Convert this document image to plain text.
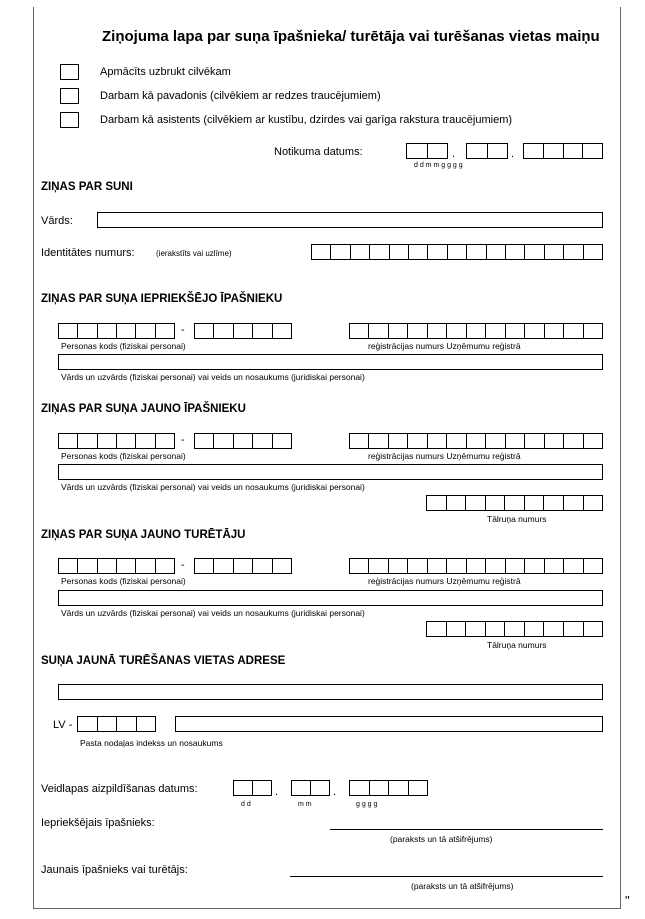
Ziņojuma lapa par suņa īpašnieka/ turētāja vai turēšanas vietas maiņu
Apmācīts uzbrukt cilvēkam
Darbam kā pavadonis (cilvēkiem ar redzes traucējumiem)
Darbam kā asistents (cilvēkiem ar kustību, dzirdes vai garīga rakstura traucējumiem)
Notikuma datums:	.	.
d d m m g g g g
ZIŅAS PAR SUNI
Vārds:
Identitātes numurs:	(ierakstīts vai uzlīme)
ZIŅAS PAR SUŅA IEPRIEKŠĒJO ĪPAŠNIEKU
-
Personas kods (fiziskai personai)	reģistrācijas numurs Uzņēmumu reģistrā
Vārds un uzvārds (fiziskai personai) vai veids un nosaukums (juridiskai personai)
ZIŅAS PAR SUŅA JAUNO ĪPAŠNIEKU
-
Personas kods (fiziskai personai)	reģistrācijas numurs Uzņēmumu reģistrā
Vārds un uzvārds (fiziskai personai) vai veids un nosaukums (juridiskai personai)
Tālruņa numurs
ZIŅAS PAR SUŅA JAUNO TURĒTĀJU
-
Personas kods (fiziskai personai)	reģistrācijas numurs Uzņēmumu reģistrā
Vārds un uzvārds (fiziskai personai) vai veids un nosaukums (juridiskai personai)
Tālruņa numurs
SUŅA JAUNĀ TURĒŠANAS VIETAS ADRESE
LV -
Pasta nodaļas indekss un nosaukums
Veidlapas aizpildīšanas datums:	.	.
d d	m m	g g g g
Iepriekšējais īpašnieks:
(paraksts un tā atšifrējums)
Jaunais īpašnieks vai turētājs:
(paraksts un tā atšifrējums)
"
